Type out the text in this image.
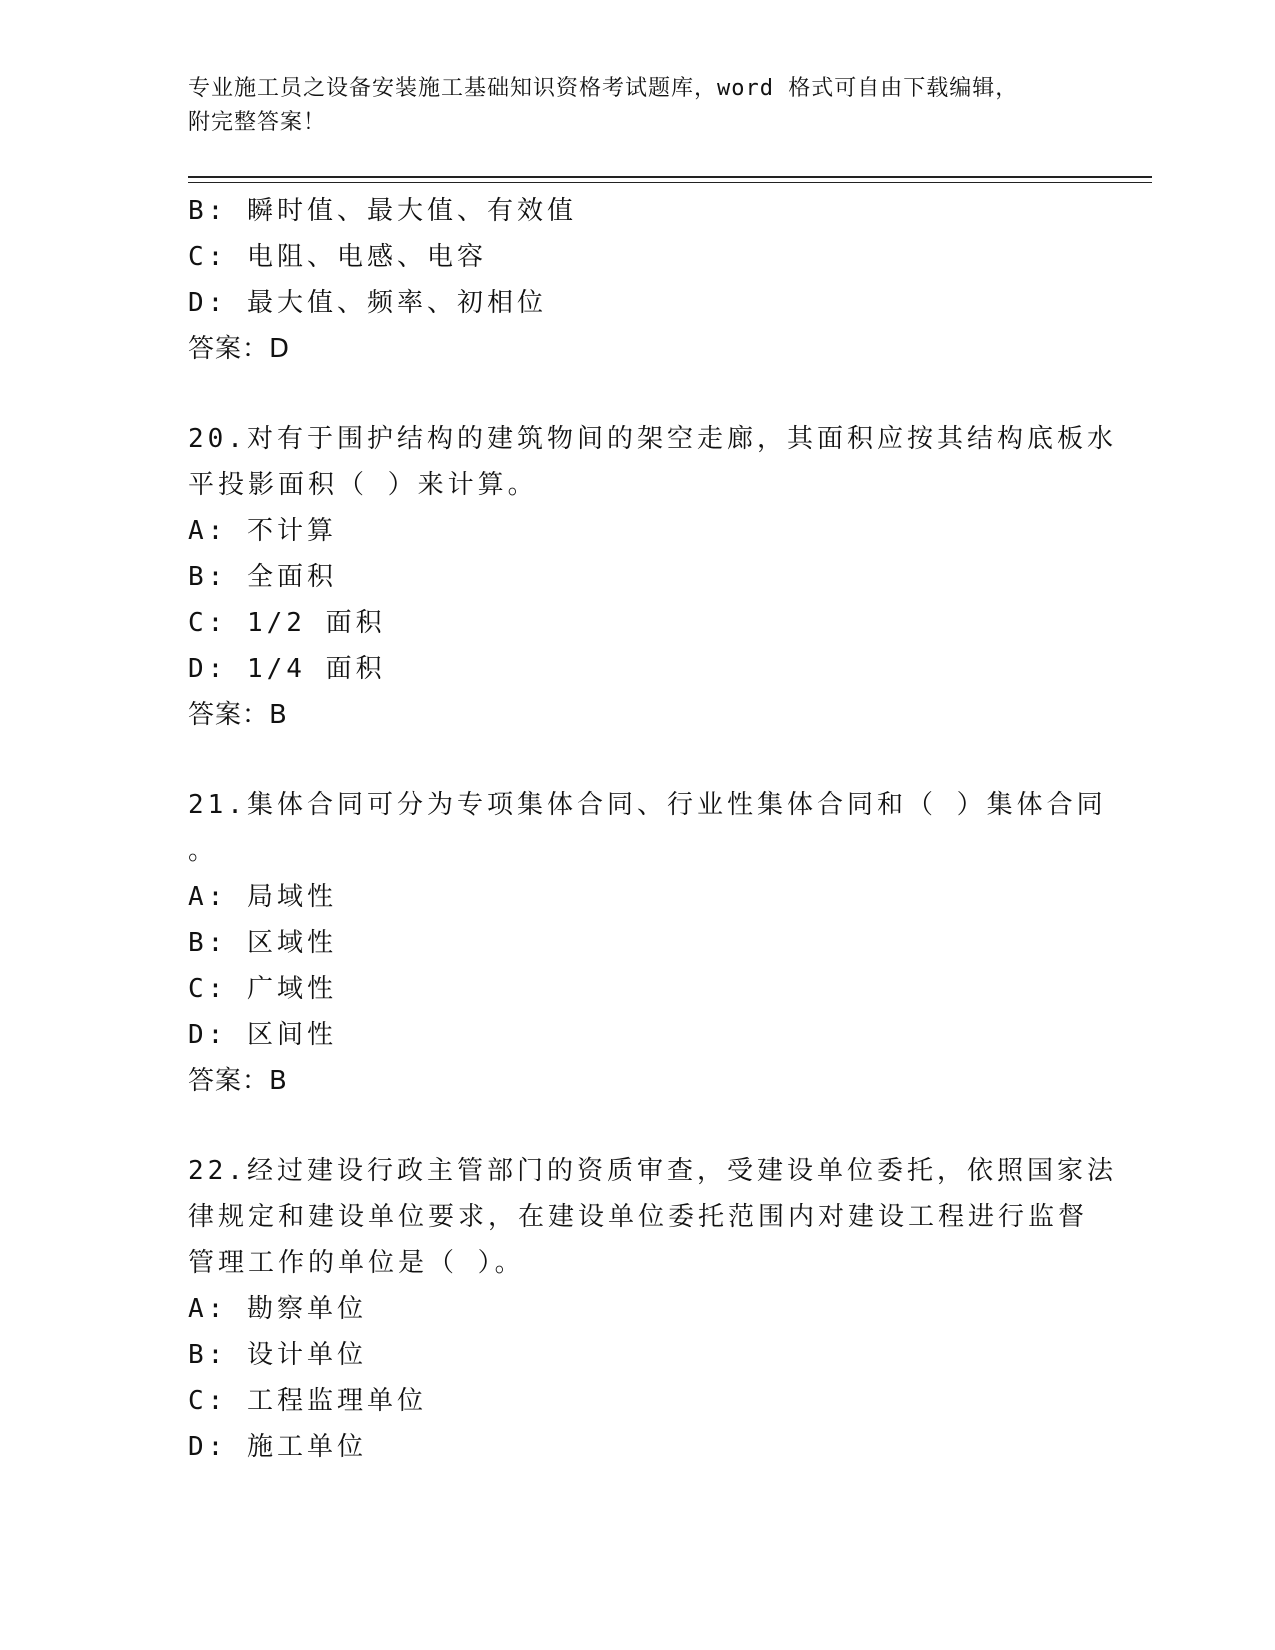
专业施工员之设备安装施工基础知识资格考试题库，word 格式可自由下载编辑，
附完整答案！
B: 瞬时值、最大值、有效值
C: 电阻、电感、电容
D: 最大值、频率、初相位
答案：D
20.对有于围护结构的建筑物间的架空走廊，其面积应按其结构底板水
平投影面积（ ）来计算。
A: 不计算
B: 全面积
C: 1/2 面积
D: 1/4 面积
答案：B
21.集体合同可分为专项集体合同、行业性集体合同和（ ）集体合同
。
A: 局域性
B: 区域性
C: 广域性
D: 区间性
答案：B
22.经过建设行政主管部门的资质审查，受建设单位委托，依照国家法
律规定和建设单位要求，在建设单位委托范围内对建设工程进行监督
管理工作的单位是（ ）。
A: 勘察单位
B: 设计单位
C: 工程监理单位
D: 施工单位
